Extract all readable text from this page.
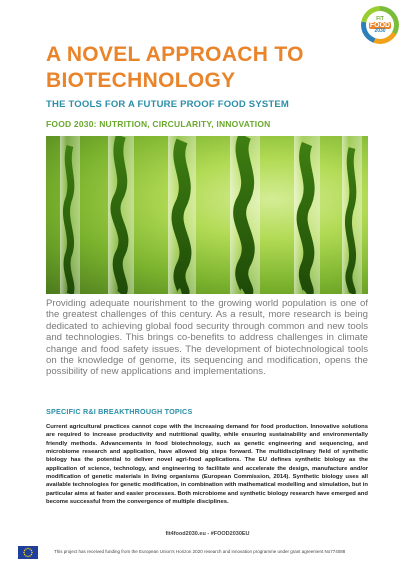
FIT
FOOD
2030
A NOVEL APPROACH TO BIOTECHNOLOGY
THE TOOLS FOR A FUTURE PROOF FOOD SYSTEM
FOOD 2030: NUTRITION, CIRCULARITY, INNOVATION

Providing adequate nourishment to the growing world population is one of the greatest challenges of this century. As a result, more research is being dedicated to achieving global food security through common and new tools and technologies. This brings co-benefits to address challenges in climate change and food safety issues. The development of biotechnological tools on the knowledge of genome, its sequencing and modification, opens the possibility of new applications and implementations.

SPECIFIC R&I BREAKTHROUGH TOPICS

Current agricultural practices cannot cope with the increasing demand for food production. Innovative solutions are required to increase productivity and nutritional quality, while ensuring sustainability and environmentally friendly methods. Advancements in food biotechnology, such as genetic engineering and sequencing, and microbiome research and application, have allowed big steps forward. The multidisciplinary field of synthetic biology has the potential to deliver novel agri-food applications. The EU defines synthetic biology as the application of science, technology, and engineering to facilitate and accelerate the design, manufacture and/or modification of genetic materials in living organisms (European Commission, 2014). Synthetic biology uses all available technologies for genetic modification, in combination with mathematical modelling and simulation, but in particular aims at faster and easier processes. Both microbiome and synthetic biology research have emerged and become successful from the convergence of multiple disciplines.

fit4food2030.eu - #FOOD2030EU
This project has received funding from the European Union's Horizon 2020 research and innovation programme under grant agreement No774088
